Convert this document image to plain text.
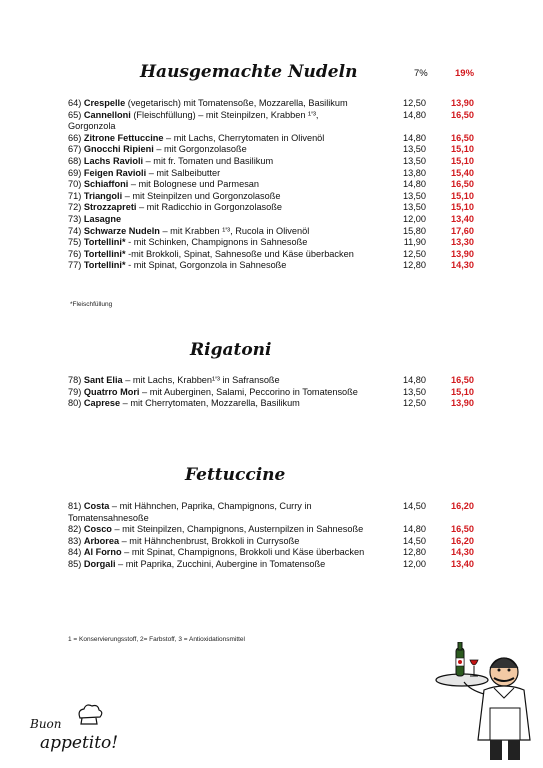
Hausgemachte Nudeln	7%	19%
64) Crespelle (vegetarisch) mit Tomatensoße, Mozzarella, Basilikum	12,50	13,90
65) Cannelloni (Fleischfüllung) – mit Steinpilzen, Krabben ¹ʹ³, Gorgonzola
14,80	16,50
66) Zitrone Fettuccine – mit Lachs, Cherrytomaten in Olivenöl	14,80	16,50
67) Gnocchi Ripieni – mit Gorgonzolasoße	13,50	15,10
68) Lachs Ravioli – mit fr. Tomaten und Basilikum	13,50	15,10
69) Feigen Ravioli – mit Salbeibutter	13,80	15,40
70) Schiaffoni – mit Bolognese und Parmesan	14,80	16,50
71) Triangoli – mit Steinpilzen und Gorgonzolasoße	13,50	15,10
72) Strozzapreti – mit Radicchio in Gorgonzolasoße	13,50	15,10
73) Lasagne	12,00	13,40
74) Schwarze Nudeln – mit Krabben ¹ʹ³, Rucola in Olivenöl	15,80	17,60
75) Tortellini* - mit Schinken, Champignons in Sahnesoße	11,90	13,30
76) Tortellini* -mit Brokkoli, Spinat, Sahnesoße und Käse überbacken	12,50	13,90
77) Tortellini* - mit Spinat, Gorgonzola in Sahnesoße	12,80	14,30
*Fleischfüllung
Rigatoni
78) Sant Elia – mit Lachs, Krabben¹ʹ³ in Safransoße	14,80	16,50
79) Quatrro Mori – mit Auberginen, Salami, Peccorino in Tomatensoße	13,50	15,10
80) Caprese – mit Cherrytomaten, Mozzarella, Basilikum	12,50	13,90
Fettuccine
81) Costa – mit Hähnchen, Paprika, Champignons, Curry in Tomatensahnesoße
14,50	16,20
82) Cosco – mit Steinpilzen, Champignons, Austernpilzen in Sahnesoße	14,80	16,50
83) Arborea – mit Hähnchenbrust, Brokkoli in Currysoße	14,50	16,20
84) Al Forno – mit Spinat, Champignons, Brokkoli und Käse überbacken	12,80	14,30
85) Dorgali – mit Paprika, Zucchini, Aubergine in Tomatensoße	12,00	13,40
1 = Konservierungsstoff, 2= Farbstoff, 3 = Antioxidationsmittel
Buon
appetito!
